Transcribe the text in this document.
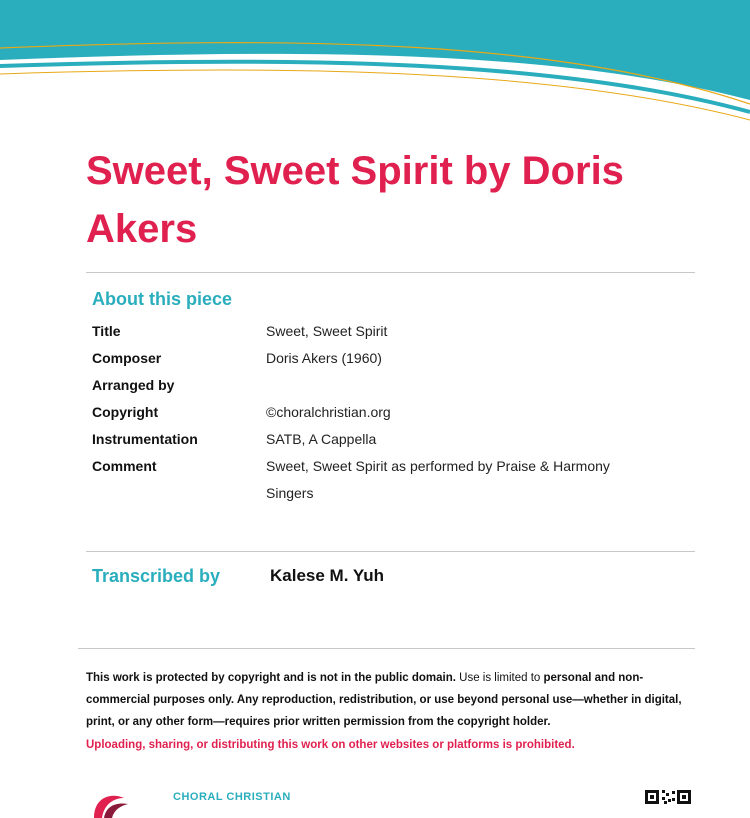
Sweet, Sweet Spirit by Doris Akers
About this piece
Title	Sweet, Sweet Spirit
Composer	Doris Akers (1960)
Arranged by
Copyright	©choralchristian.org
Instrumentation	SATB, A Cappella
Comment	Sweet, Sweet Spirit as performed by Praise & Harmony Singers
Transcribed by	Kalese M. Yuh
This work is protected by copyright and is not in the public domain. Use is limited to personal and non-commercial purposes only. Any reproduction, redistribution, or use beyond personal use—whether in digital, print, or any other form—requires prior written permission from the copyright holder.
Uploading, sharing, or distributing this work on other websites or platforms is prohibited.
CHORAL CHRISTIAN
